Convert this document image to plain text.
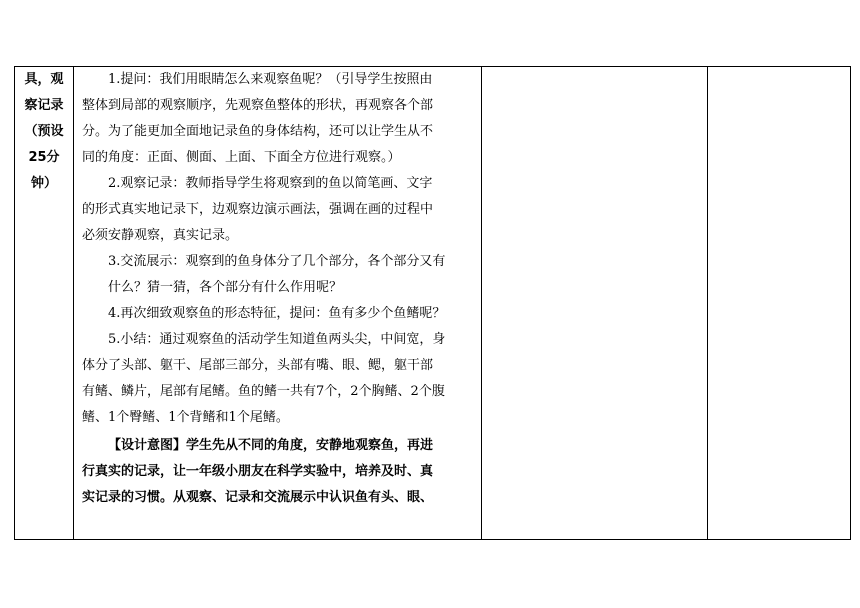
具，观
察记录
（预设
25分
钟）

1.提问：我们用眼睛怎么来观察鱼呢？（引导学生按照由
整体到局部的观察顺序，先观察鱼整体的形状，再观察各个部
分。为了能更加全面地记录鱼的身体结构，还可以让学生从不
同的角度：正面、侧面、上面、下面全方位进行观察。）
2.观察记录：教师指导学生将观察到的鱼以简笔画、文字
的形式真实地记录下，边观察边演示画法，强调在画的过程中
必须安静观察，真实记录。
3.交流展示：观察到的鱼身体分了几个部分，各个部分又有
什么？猜一猜，各个部分有什么作用呢？
4.再次细致观察鱼的形态特征，提问：鱼有多少个鱼鳍呢？
5.小结：通过观察鱼的活动学生知道鱼两头尖，中间宽，身
体分了头部、躯干、尾部三部分，头部有嘴、眼、鳃，躯干部
有鳍、鳞片，尾部有尾鳍。鱼的鳍一共有7个，2个胸鳍、2个腹
鳍、1个臀鳍、1个背鳍和1个尾鳍。
【设计意图】学生先从不同的角度，安静地观察鱼，再进
行真实的记录，让一年级小朋友在科学实验中，培养及时、真
实记录的习惯。从观察、记录和交流展示中认识鱼有头、眼、
